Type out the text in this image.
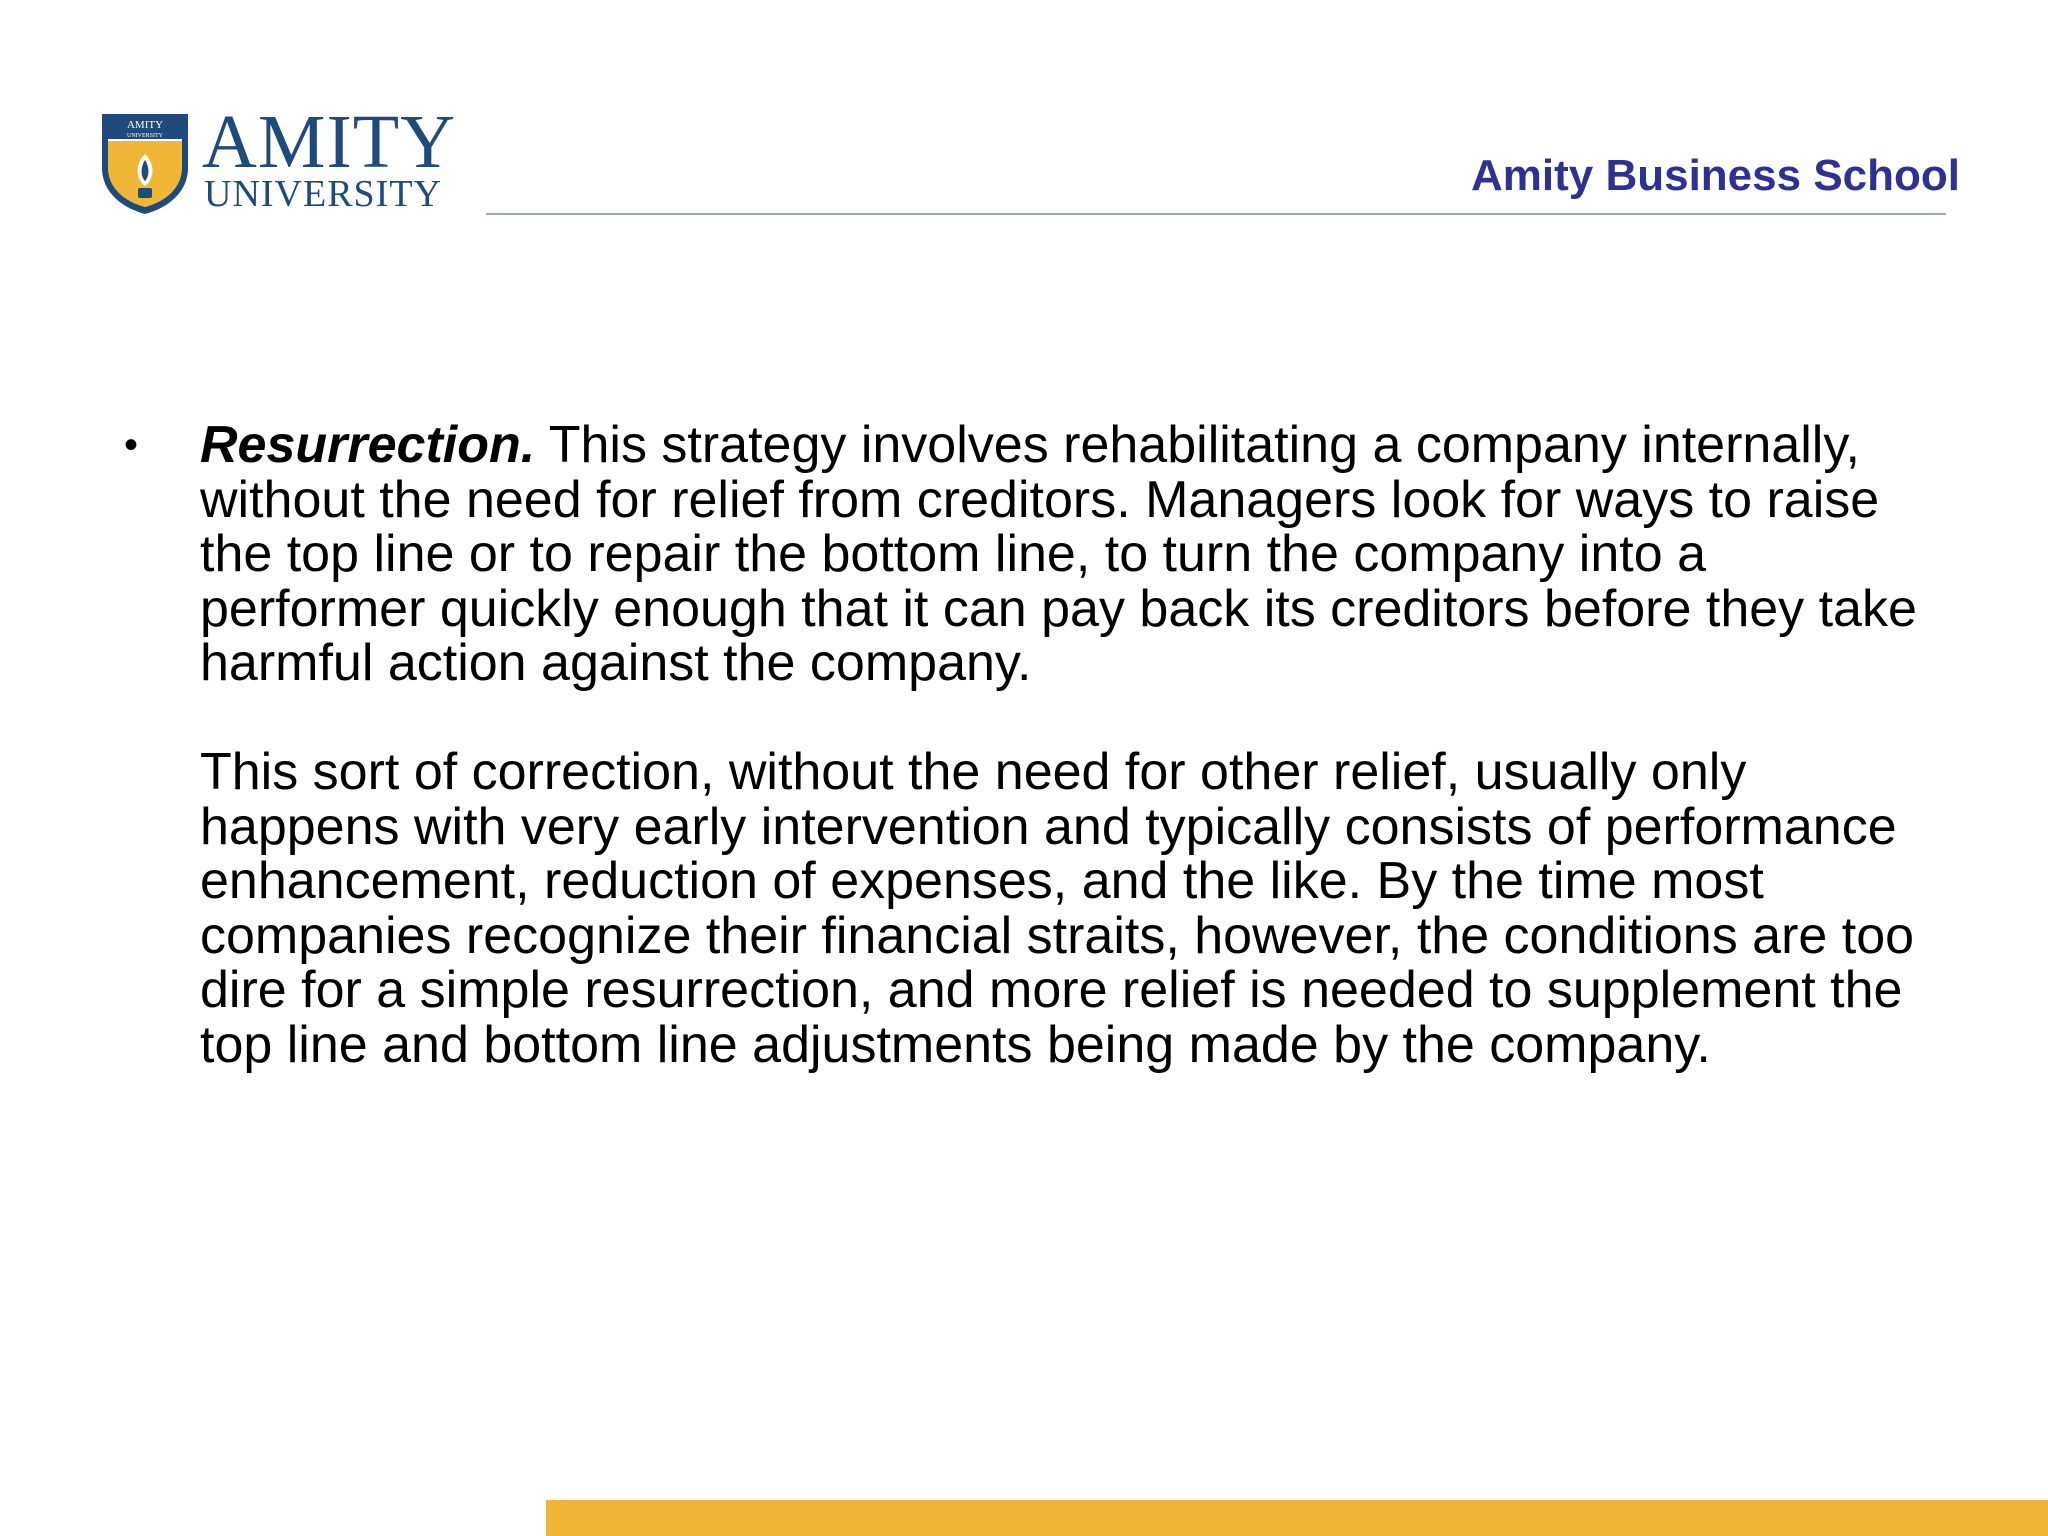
AMITY
UNIVERSITY AMITY
UNIVERSITY	Amity Business School
• Resurrection. This strategy involves rehabilitating a company internally, without the need for relief from creditors. Managers look for ways to raise the top line or to repair the bottom line, to turn the company into a performer quickly enough that it can pay back its creditors before they take harmful action against the company.

This sort of correction, without the need for other relief, usually only happens with very early intervention and typically consists of performance enhancement, reduction of expenses, and the like. By the time most companies recognize their financial straits, however, the conditions are too dire for a simple resurrection, and more relief is needed to supplement the top line and bottom line adjustments being made by the company.
